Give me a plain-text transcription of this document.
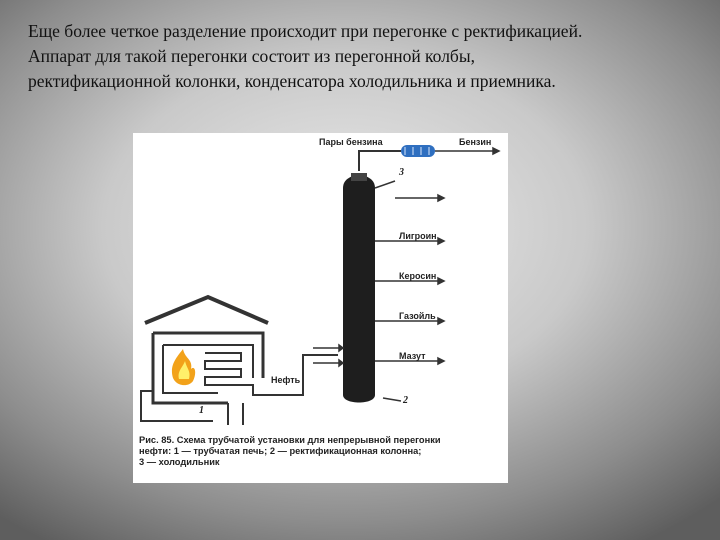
Еще более четкое разделение происходит при перегонке с ректификацией.

Аппарат для такой перегонки состоит из перегонной колбы,

ректификационной колонки, конденсатора холодильника и приемника.

Пары бензина	Бензин
3
Лигроин
Керосин
Газойль
Мазут
Нефть
1
2

Рис. 85. Схема трубчатой установки для непрерывной перегонки

нефти: 1 — трубчатая печь; 2 — ректификационная колонна;

3 — холодильник
